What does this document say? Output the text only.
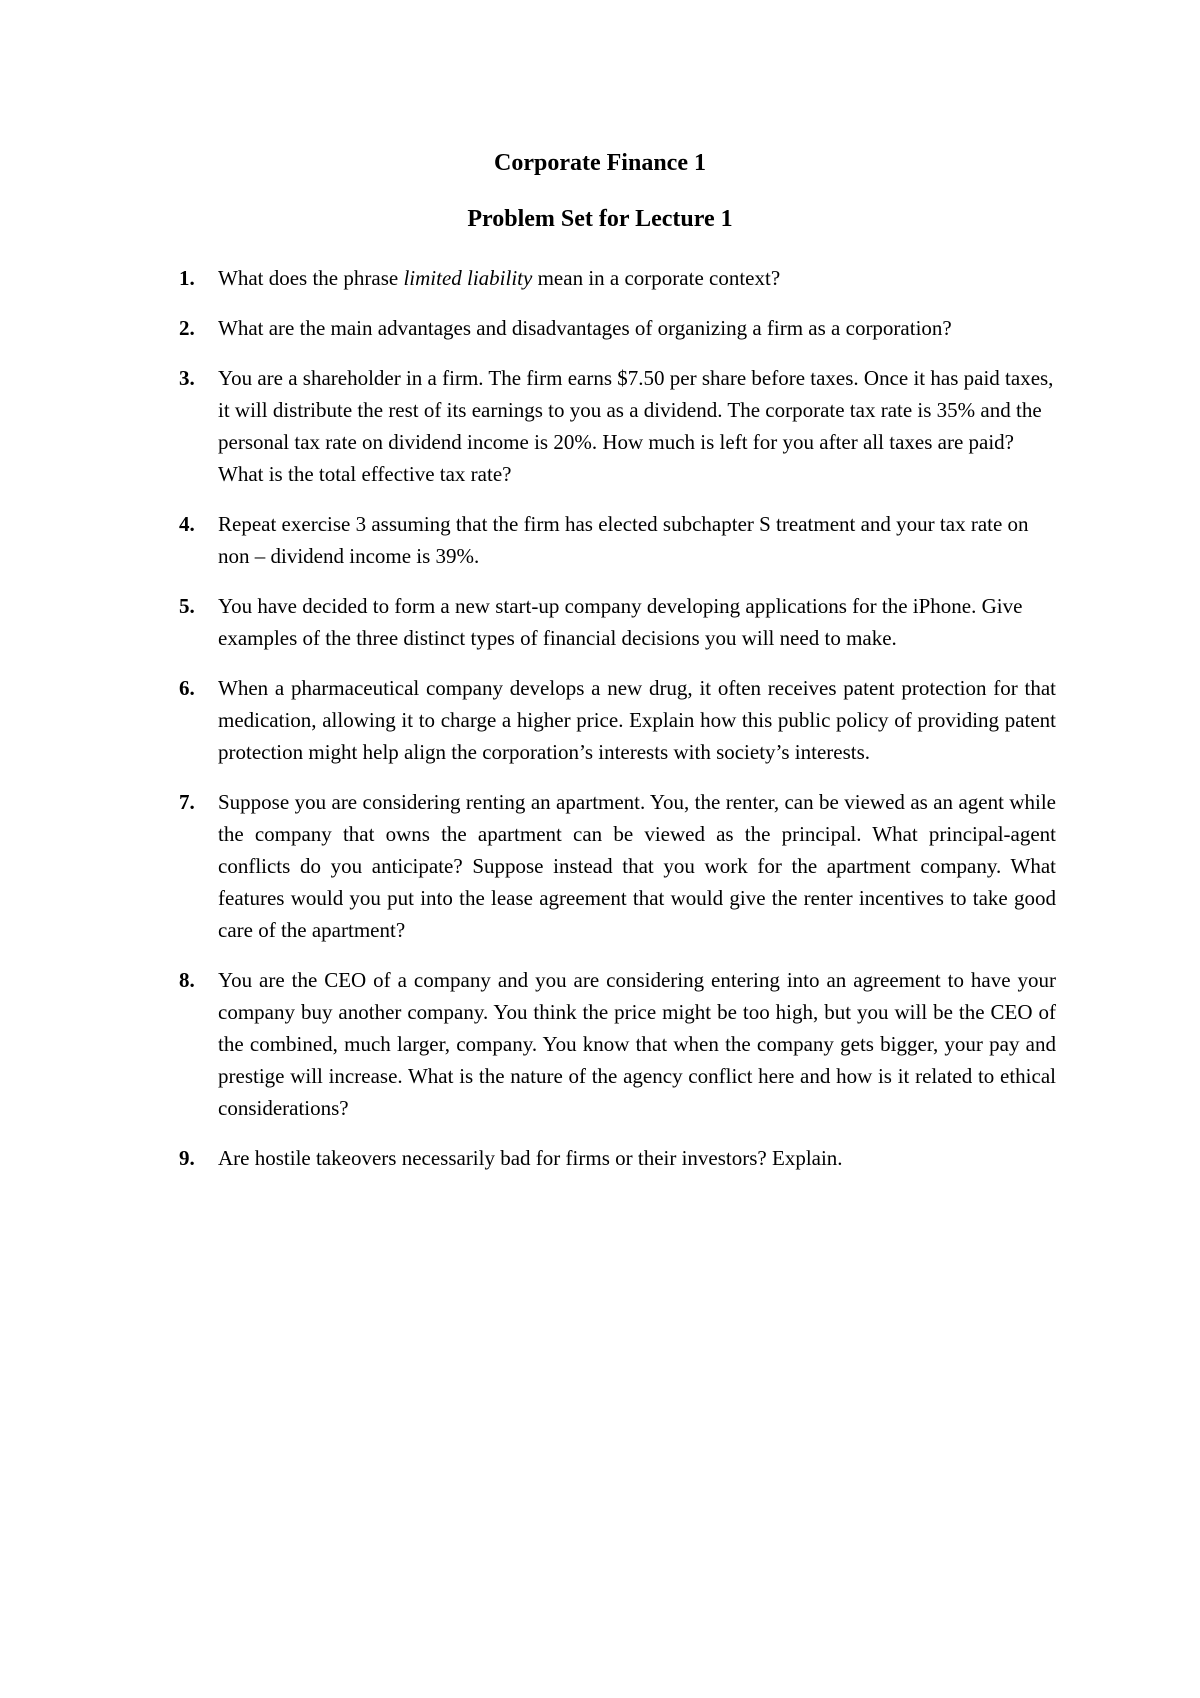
Corporate Finance 1
Problem Set for Lecture 1
1. What does the phrase limited liability mean in a corporate context?
2. What are the main advantages and disadvantages of organizing a firm as a corporation?
3. You are a shareholder in a firm. The firm earns $7.50 per share before taxes. Once it has paid taxes, it will distribute the rest of its earnings to you as a dividend. The corporate tax rate is 35% and the personal tax rate on dividend income is 20%. How much is left for you after all taxes are paid? What is the total effective tax rate?
4. Repeat exercise 3 assuming that the firm has elected subchapter S treatment and your tax rate on non – dividend income is 39%.
5. You have decided to form a new start-up company developing applications for the iPhone. Give examples of the three distinct types of financial decisions you will need to make.
6. When a pharmaceutical company develops a new drug, it often receives patent protection for that medication, allowing it to charge a higher price. Explain how this public policy of providing patent protection might help align the corporation’s interests with society’s interests.
7. Suppose you are considering renting an apartment. You, the renter, can be viewed as an agent while the company that owns the apartment can be viewed as the principal. What principal-agent conflicts do you anticipate? Suppose instead that you work for the apartment company. What features would you put into the lease agreement that would give the renter incentives to take good care of the apartment?
8. You are the CEO of a company and you are considering entering into an agreement to have your company buy another company. You think the price might be too high, but you will be the CEO of the combined, much larger, company. You know that when the company gets bigger, your pay and prestige will increase. What is the nature of the agency conflict here and how is it related to ethical considerations?
9. Are hostile takeovers necessarily bad for firms or their investors? Explain.
